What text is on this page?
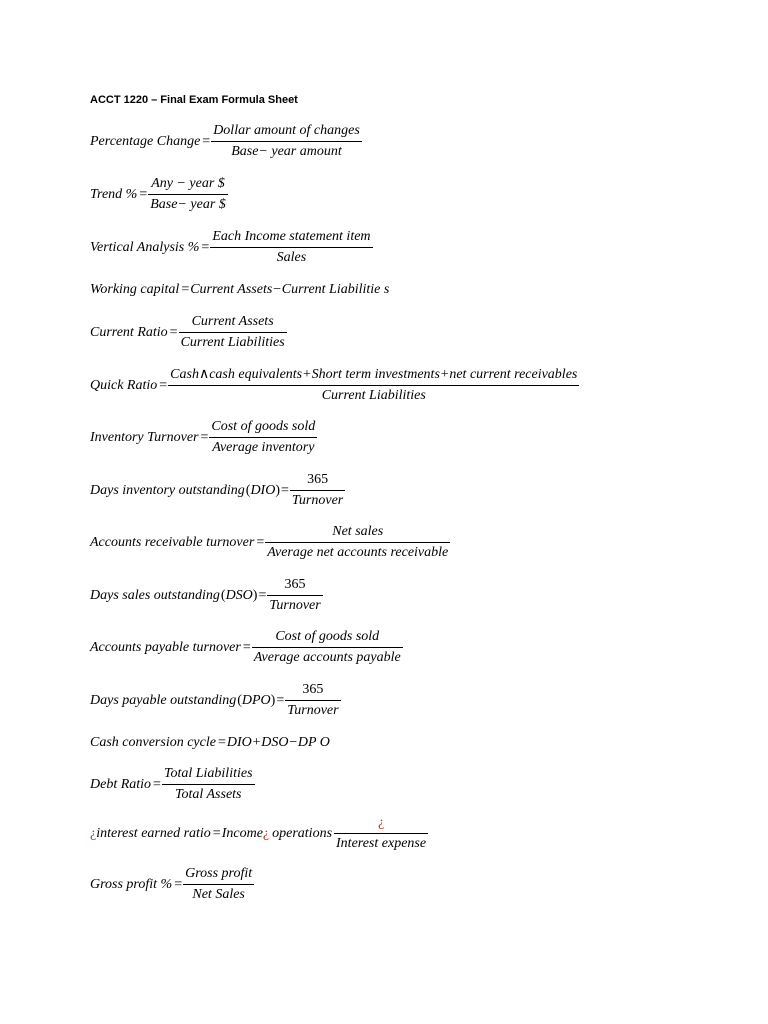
ACCT 1220 – Final Exam Formula Sheet
Percentage Change = $\frac{\text{Dollar amount of changes}}{\text{Base− year amount}}$
Trend % = $\frac{\text{Any − year \$}}{\text{Base− year \$}}$
Vertical Analysis % = $\frac{\text{Each Income statement item}}{\text{Sales}}$
Working capital = Current Assets−Current Liabilitie s
Current Ratio = $\frac{\text{Current Assets}}{\text{Current Liabilities}}$
Quick Ratio =
Cash∧cash equivalents+Short term investments+net current receivables
Current Liabilities
Inventory Turnover = $\frac{\text{Cost of goods sold}}{\text{Average inventory}}$
Days inventory outstanding ( DIO ) = $\frac{365}{\text{Turnover}}$
Accounts receivable turnover = $\frac{\text{Net sales}}{\text{Average net accounts receivable}}$
Days sales outstanding ( DSO ) = $\frac{365}{\text{Turnover}}$
Accounts payable turnover = $\frac{\text{Cost of goods sold}}{\text{Average accounts payable}}$
Days payable outstanding ( DPO ) = $\frac{365}{\text{Turnover}}$
Cash conversion cycle = DIO+DSO−DP O
Debt Ratio = $\frac{\text{Total Liabilities}}{\text{Total Assets}}$
¿ interest earned ratio = Income ¿ operations $\frac{¿}{\text{Interest expense}}$
Gross profit % = $\frac{\text{Gross profit}}{\text{Net Sales}}$
